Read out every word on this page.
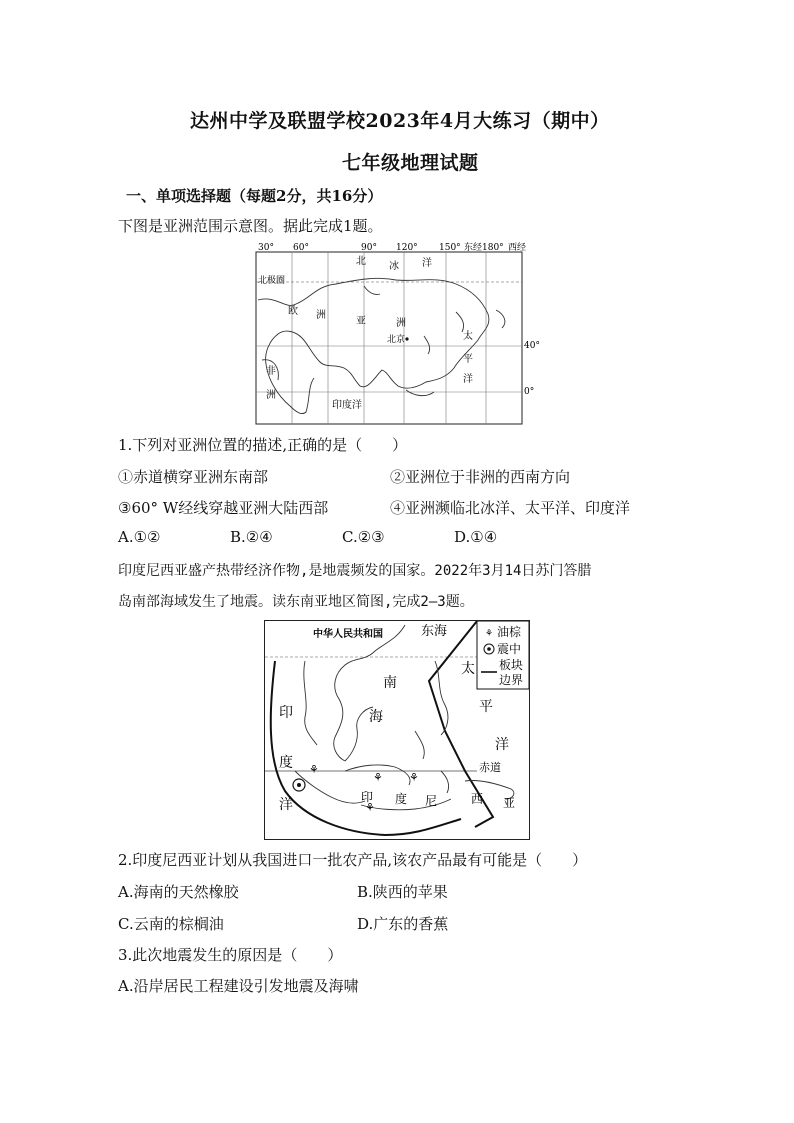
达州中学及联盟学校2023年4月大练习（期中）
七年级地理试题
一、单项选择题（每题2分，共16分）
下图是亚洲范围示意图。据此完成1题。
30° 60°	90° 120° 150° 东经180° 西经
40°
0°
北极圈
北 冰 洋
欧 洲
亚	洲
北京	太
平
洋
非
洲
印度洋
1.下列对亚洲位置的描述,正确的是（　　）
①赤道横穿亚洲东南部	②亚洲位于非洲的西南方向
③60° W经线穿越亚洲大陆西部	④亚洲濒临北冰洋、太平洋、印度洋
A.①②	B.②④	C.②③	D.①④
印度尼西亚盛产热带经济作物,是地震频发的国家。2022年3月14日苏门答腊
岛南部海域发生了地震。读东南亚地区简图,完成2—3题。
⚘ 油棕
震中
板块
边界
中华人民共和国	东海
南
海
太
平
洋
印
度
洋
赤道
印 度 尼	西 亚
⚘
⚘
⚘
⚘
2.印度尼西亚计划从我国进口一批农产品,该农产品最有可能是（　　）
A.海南的天然橡胶	B.陕西的苹果
C.云南的棕榈油	D.广东的香蕉
3.此次地震发生的原因是（　　）
A.沿岸居民工程建设引发地震及海啸
